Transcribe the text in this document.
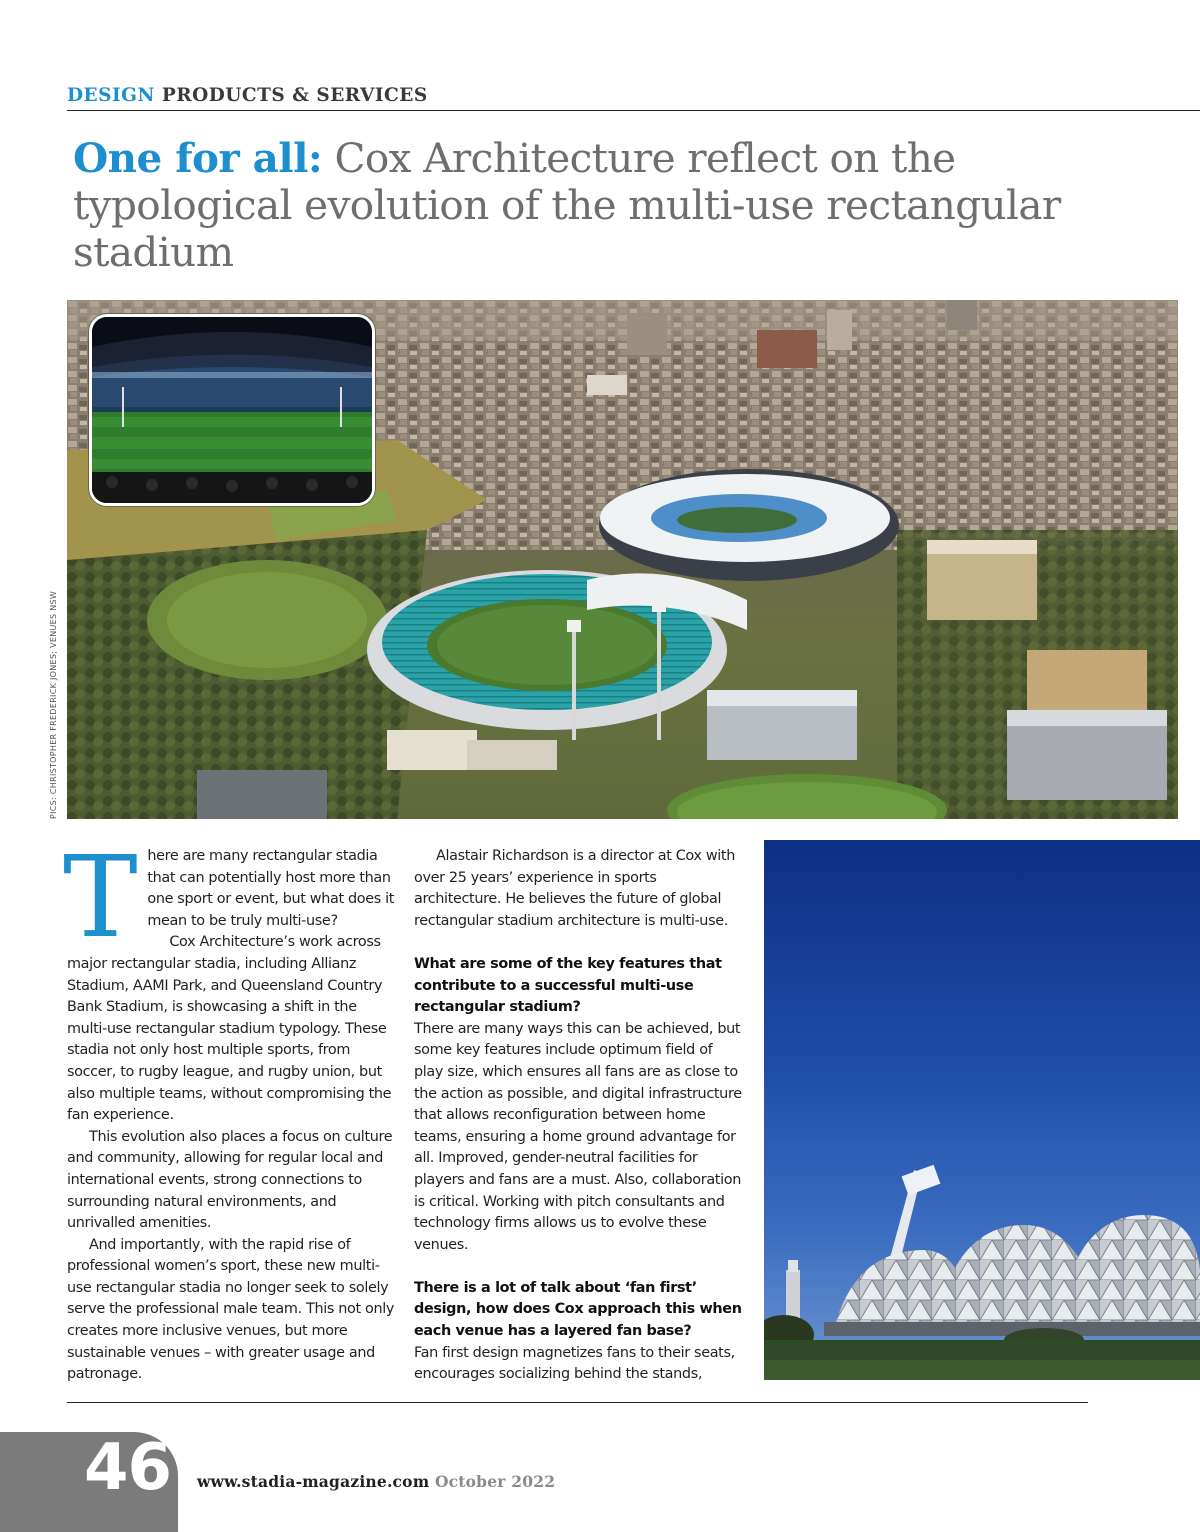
DESIGN PRODUCTS & SERVICES
One for all: Cox Architecture reflect on the typological evolution of the multi-use rectangular stadium
PICS: CHRISTOPHER FREDERICK JONES; VENUES NSW
T here are many rectangular stadia that can potentially host more than one sport or event, but what does it mean to be truly multi-use?

Cox Architecture’s work across major rectangular stadia, including Allianz Stadium, AAMI Park, and Queensland Country Bank Stadium, is showcasing a shift in the multi-use rectangular stadium typology. These stadia not only host multiple sports, from soccer, to rugby league, and rugby union, but also multiple teams, without compromising the fan experience.

This evolution also places a focus on culture and community, allowing for regular local and international events, strong connections to surrounding natural environments, and unrivalled amenities.

And importantly, with the rapid rise of professional women’s sport, these new multi-use rectangular stadia no longer seek to solely serve the professional male team. This not only creates more inclusive venues, but more sustainable venues – with greater usage and patronage.

Alastair Richardson is a director at Cox with over 25 years’ experience in sports architecture. He believes the future of global rectangular stadium architecture is multi-use.

What are some of the key features that contribute to a successful multi-use rectangular stadium?

There are many ways this can be achieved, but some key features include optimum field of play size, which ensures all fans are as close to the action as possible, and digital infrastructure that allows reconfiguration between home teams, ensuring a home ground advantage for all. Improved, gender-neutral facilities for players and fans are a must. Also, collaboration is critical. Working with pitch consultants and technology firms allows us to evolve these venues.

There is a lot of talk about ‘fan first’ design, how does Cox approach this when each venue has a layered fan base?

Fan first design magnetizes fans to their seats, encourages socializing behind the stands,

46 www.stadia-magazine.com October 2022
